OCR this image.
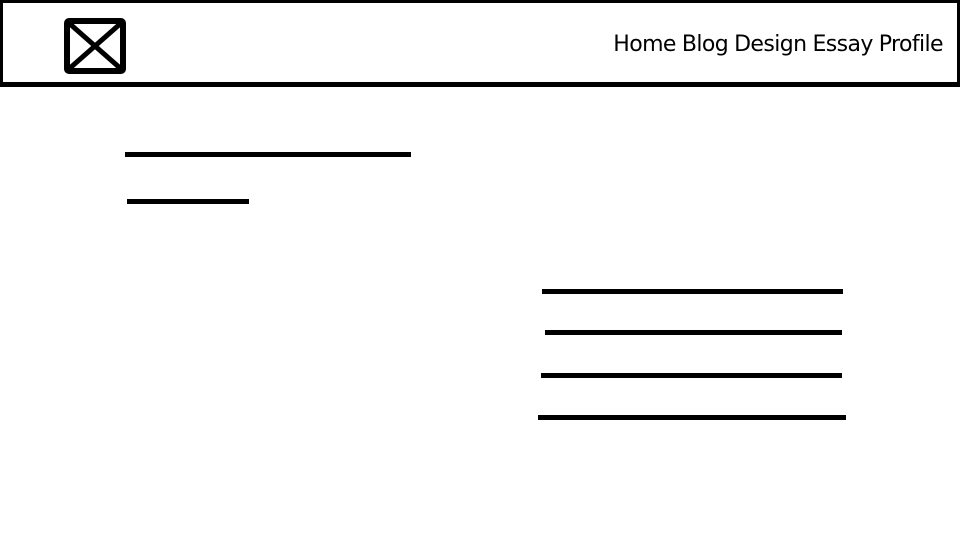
Home Blog Design Essay Profile
